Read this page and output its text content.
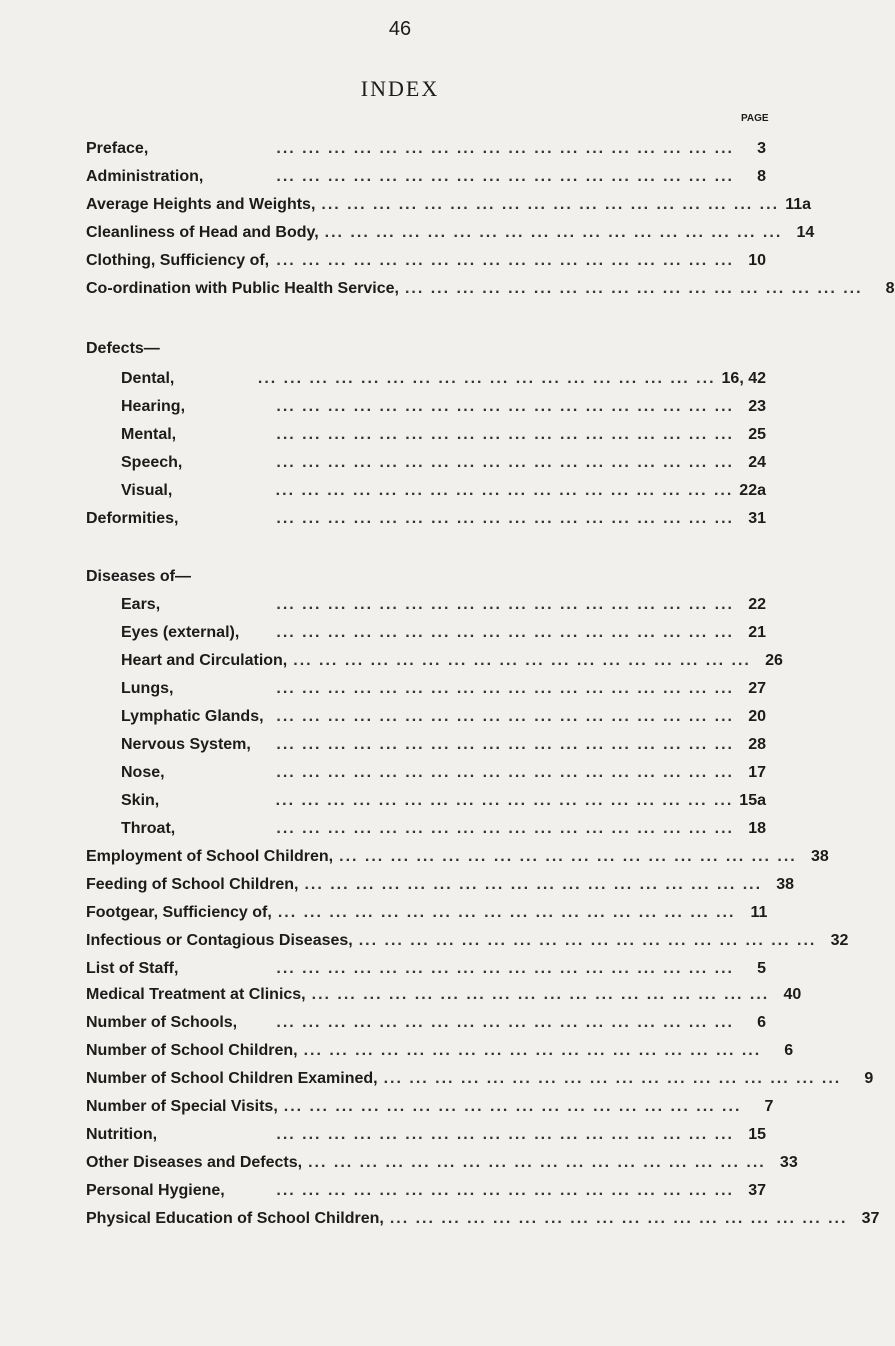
46
INDEX
PAGE
Preface,	... ... ... ... ... ... ... ... ... ... ... ... ... ... ... ... ... ...	3
Administration,	... ... ... ... ... ... ... ... ... ... ... ... ... ... ... ... ... ...	8
Average Heights and Weights, ... ... ... ... ... ... ... ... ... ... ... ... ... ... ... ... ... ... 11a
Cleanliness of Head and Body, ... ... ... ... ... ... ... ... ... ... ... ... ... ... ... ... ... ... 14
Clothing, Sufficiency of, ... ... ... ... ... ... ... ... ... ... ... ... ... ... ... ... ... ... 10
Co-ordination with Public Health Service, ... ... ... ... ... ... ... ... ... ... ... ... ... ... ... ... ... ...	8
Defects—
Dental,	... ... ... ... ... ... ... ... ... ... ... ... ... ... ... ... ... ... 16, 42
Hearing,	... ... ... ... ... ... ... ... ... ... ... ... ... ... ... ... ... ... 23
Mental,	... ... ... ... ... ... ... ... ... ... ... ... ... ... ... ... ... ... 25
Speech,	... ... ... ... ... ... ... ... ... ... ... ... ... ... ... ... ... ... 24
Visual,	... ... ... ... ... ... ... ... ... ... ... ... ... ... ... ... ... ... 22a
Deformities,	... ... ... ... ... ... ... ... ... ... ... ... ... ... ... ... ... ... 31
Diseases of—
Ears,	... ... ... ... ... ... ... ... ... ... ... ... ... ... ... ... ... ... 22
Eyes (external),	... ... ... ... ... ... ... ... ... ... ... ... ... ... ... ... ... ... 21
Heart and Circulation, ... ... ... ... ... ... ... ... ... ... ... ... ... ... ... ... ... ... 26
Lungs,	... ... ... ... ... ... ... ... ... ... ... ... ... ... ... ... ... ... 27
Lymphatic Glands, ... ... ... ... ... ... ... ... ... ... ... ... ... ... ... ... ... ... 20
Nervous System,	... ... ... ... ... ... ... ... ... ... ... ... ... ... ... ... ... ... 28
Nose,	... ... ... ... ... ... ... ... ... ... ... ... ... ... ... ... ... ... 17
Skin,	... ... ... ... ... ... ... ... ... ... ... ... ... ... ... ... ... ... 15a
Throat,	... ... ... ... ... ... ... ... ... ... ... ... ... ... ... ... ... ... 18
Employment of School Children, ... ... ... ... ... ... ... ... ... ... ... ... ... ... ... ... ... ... 38
Feeding of School Children, ... ... ... ... ... ... ... ... ... ... ... ... ... ... ... ... ... ... 38
Footgear, Sufficiency of, ... ... ... ... ... ... ... ... ... ... ... ... ... ... ... ... ... ... 11
Infectious or Contagious Diseases, ... ... ... ... ... ... ... ... ... ... ... ... ... ... ... ... ... ... 32
List of Staff,	... ... ... ... ... ... ... ... ... ... ... ... ... ... ... ... ... ...	5
Medical Treatment at Clinics, ... ... ... ... ... ... ... ... ... ... ... ... ... ... ... ... ... ... 40
Number of Schools,	... ... ... ... ... ... ... ... ... ... ... ... ... ... ... ... ... ...	6
Number of School Children, ... ... ... ... ... ... ... ... ... ... ... ... ... ... ... ... ... ...	6
Number of School Children Examined, ... ... ... ... ... ... ... ... ... ... ... ... ... ... ... ... ... ...	9
Number of Special Visits, ... ... ... ... ... ... ... ... ... ... ... ... ... ... ... ... ... ...	7
Nutrition,	... ... ... ... ... ... ... ... ... ... ... ... ... ... ... ... ... ... 15
Other Diseases and Defects, ... ... ... ... ... ... ... ... ... ... ... ... ... ... ... ... ... ... 33
Personal Hygiene,	... ... ... ... ... ... ... ... ... ... ... ... ... ... ... ... ... ... 37
Physical Education of School Children, ... ... ... ... ... ... ... ... ... ... ... ... ... ... ... ... ... ... 37
